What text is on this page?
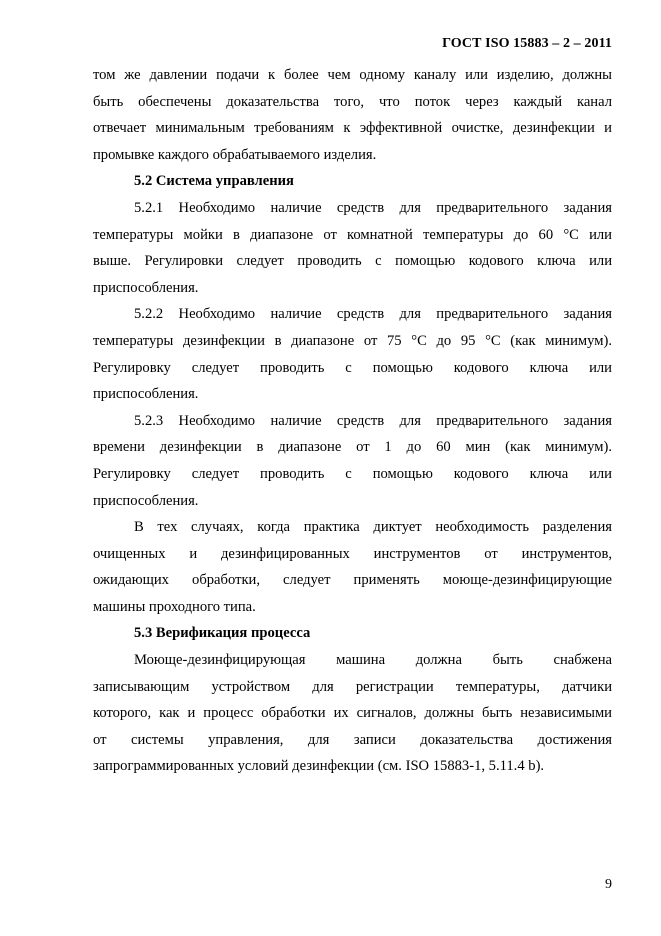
ГОСТ ISO 15883 – 2 – 2011
том же давлении подачи к более чем одному каналу или изделию, должны
быть обеспечены доказательства того, что поток через каждый канал
отвечает минимальным требованиям к эффективной очистке, дезинфекции и
промывке каждого обрабатываемого изделия.
5.2 Система управления
5.2.1 Необходимо наличие средств для предварительного задания
температуры мойки в диапазоне от комнатной температуры до 60 °С или
выше. Регулировки следует проводить с помощью кодового ключа или
приспособления.
5.2.2 Необходимо наличие средств для предварительного задания
температуры дезинфекции в диапазоне от 75 °С до 95 °С (как минимум).
Регулировку следует проводить с помощью кодового ключа или
приспособления.
5.2.3 Необходимо наличие средств для предварительного задания
времени дезинфекции в диапазоне от 1 до 60 мин (как минимум).
Регулировку следует проводить с помощью кодового ключа или
приспособления.
В тех случаях, когда практика диктует необходимость разделения
очищенных и дезинфицированных инструментов от инструментов,
ожидающих обработки, следует применять моюще-дезинфицирующие
машины проходного типа.
5.3 Верификация процесса
Моюще-дезинфицирующая машина должна быть снабжена
записывающим устройством для регистрации температуры, датчики
которого, как и процесс обработки их сигналов, должны быть независимыми
от системы управления, для записи доказательства достижения
запрограммированных условий дезинфекции (см. ISO 15883-1, 5.11.4 b).
9
